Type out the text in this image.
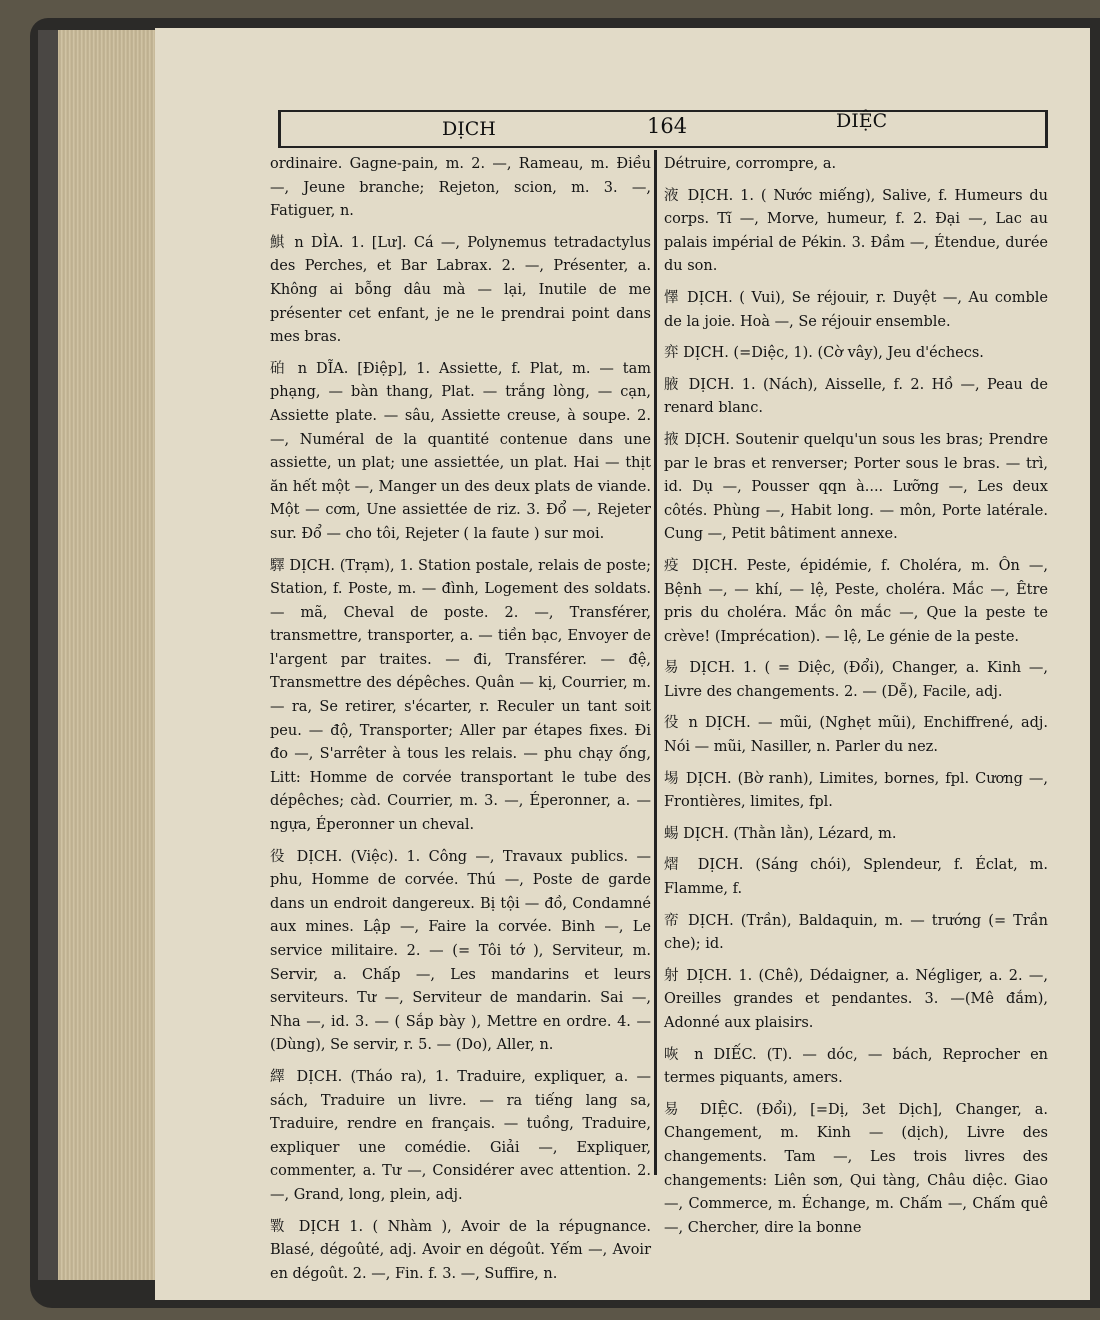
DỊCH	164	DIỆC

ordinaire. Gagne-pain, m. 2. —, Rameau, m. Điều —, Jeune branche; Rejeton, scion, m. 3. —, Fatiguer, n.

鯕 n DÌA. 1. [Lư]. Cá —, Polynemus tetradactylus des Perches, et Bar Labrax. 2. —, Présenter, a. Không ai bỗng dâu mà — lại, Inutile de me présenter cet enfant, je ne le prendrai point dans mes bras.

砶 n DĨA. [Điệp], 1. Assiette, f. Plat, m. — tam phạng, — bàn thang, Plat. — trắng lòng, — cạn, Assiette plate. — sâu, Assiette creuse, à soupe. 2. —, Numéral de la quantité contenue dans une assiette, un plat; une assiettée, un plat. Hai — thịt ăn hết một —, Manger un des deux plats de viande. Một — cơm, Une assiettée de riz. 3. Đổ —, Rejeter sur. Đổ — cho tôi, Rejeter ( la faute ) sur moi.

驛 DỊCH. (Trạm), 1. Station postale, relais de poste; Station, f. Poste, m. — đình, Logement des soldats. — mã, Cheval de poste. 2. —, Transférer, transmettre, transporter, a. — tiền bạc, Envoyer de l'argent par traites. — đi, Transférer. — đệ, Transmettre des dépêches. Quân — kị, Courrier, m. — ra, Se retirer, s'écarter, r. Reculer un tant soit peu. — độ, Transporter; Aller par étapes fixes. Đi đo —, S'arrêter à tous les relais. — phu chạy ống, Litt: Homme de corvée transportant le tube des dépêches; càd. Courrier, m. 3. —, Éperonner, a. — ngựa, Éperonner un cheval.

役 DỊCH. (Việc). 1. Công —, Travaux publics. — phu, Homme de corvée. Thú —, Poste de garde dans un endroit dangereux. Bị tội — đồ, Condamné aux mines. Lập —, Faire la corvée. Binh —, Le service militaire. 2. — (= Tôi tớ ), Serviteur, m. Servir, a. Chấp —, Les mandarins et leurs serviteurs. Tư —, Serviteur de mandarin. Sai —, Nha —, id. 3. — ( Sắp bày ), Mettre en ordre. 4. — (Dùng), Se servir, r. 5. — (Do), Aller, n.

繹 DỊCH. (Tháo ra), 1. Traduire, expliquer, a. — sách, Traduire un livre. — ra tiếng lang sa, Traduire, rendre en français. — tuồng, Traduire, expliquer une comédie. Giải —, Expliquer, commenter, a. Tư —, Considérer avec attention. 2. —, Grand, long, plein, adj.

斁 DỊCH 1. ( Nhàm ), Avoir de la répugnance. Blasé, dégoûté, adj. Avoir en dégoût. Yếm —, Avoir en dégoût. 2. —, Fin. f. 3. —, Suffire, n.

Détruire, corrompre, a.

液 DỊCH. 1. ( Nước miếng), Salive, f. Humeurs du corps. Tĩ —, Morve, humeur, f. 2. Đại —, Lac au palais impérial de Pékin. 3. Đầm —, Étendue, durée du son.

懌 DỊCH. ( Vui), Se réjouir, r. Duyệt —, Au comble de la joie. Hoà —, Se réjouir ensemble.

弈 DỊCH. (=Diệc, 1). (Cờ vây), Jeu d'échecs.

腋 DỊCH. 1. (Nách), Aisselle, f. 2. Hồ —, Peau de renard blanc.

掖 DỊCH. Soutenir quelqu'un sous les bras; Prendre par le bras et renverser; Porter sous le bras. — trì, id. Dụ —, Pousser qqn à.... Lưỡng —, Les deux côtés. Phùng —, Habit long. — môn, Porte latérale. Cung —, Petit bâtiment annexe.

疫 DỊCH. Peste, épidémie, f. Choléra, m. Ôn —, Bệnh —, — khí, — lệ, Peste, choléra. Mắc —, Être pris du choléra. Mắc ôn mắc —, Que la peste te crève! (Imprécation). — lệ, Le génie de la peste.

易 DỊCH. 1. ( = Diệc, (Đổi), Changer, a. Kinh —, Livre des changements. 2. — (Dễ), Facile, adj.

役 n DỊCH. — mũi, (Nghẹt mũi), Enchiffrené, adj. Nói — mũi, Nasiller, n. Parler du nez.

埸 DỊCH. (Bờ ranh), Limites, bornes, fpl. Cương —, Frontières, limites, fpl.

蜴 DỊCH. (Thằn lằn), Lézard, m.

熠 DỊCH. (Sáng chói), Splendeur, f. Éclat, m. Flamme, f.

帟 DỊCH. (Trần), Baldaquin, m. — trướng (= Trần che); id.

射 DỊCH. 1. (Chê), Dédaigner, a. Négliger, a. 2. —, Oreilles grandes et pendantes. 3. —(Mê đắm), Adonné aux plaisirs.

咴 n DIẾC. (T). — dóc, — bách, Reprocher en termes piquants, amers.

易 DIỆC. (Đổi), [=Dị, 3et Dịch], Changer, a. Changement, m. Kinh — (dịch), Livre des changements. Tam —, Les trois livres des changements: Liên sơn, Qui tàng, Châu diệc. Giao —, Commerce, m. Échange, m. Chấm —, Chấm quê —, Chercher, dire la bonne
